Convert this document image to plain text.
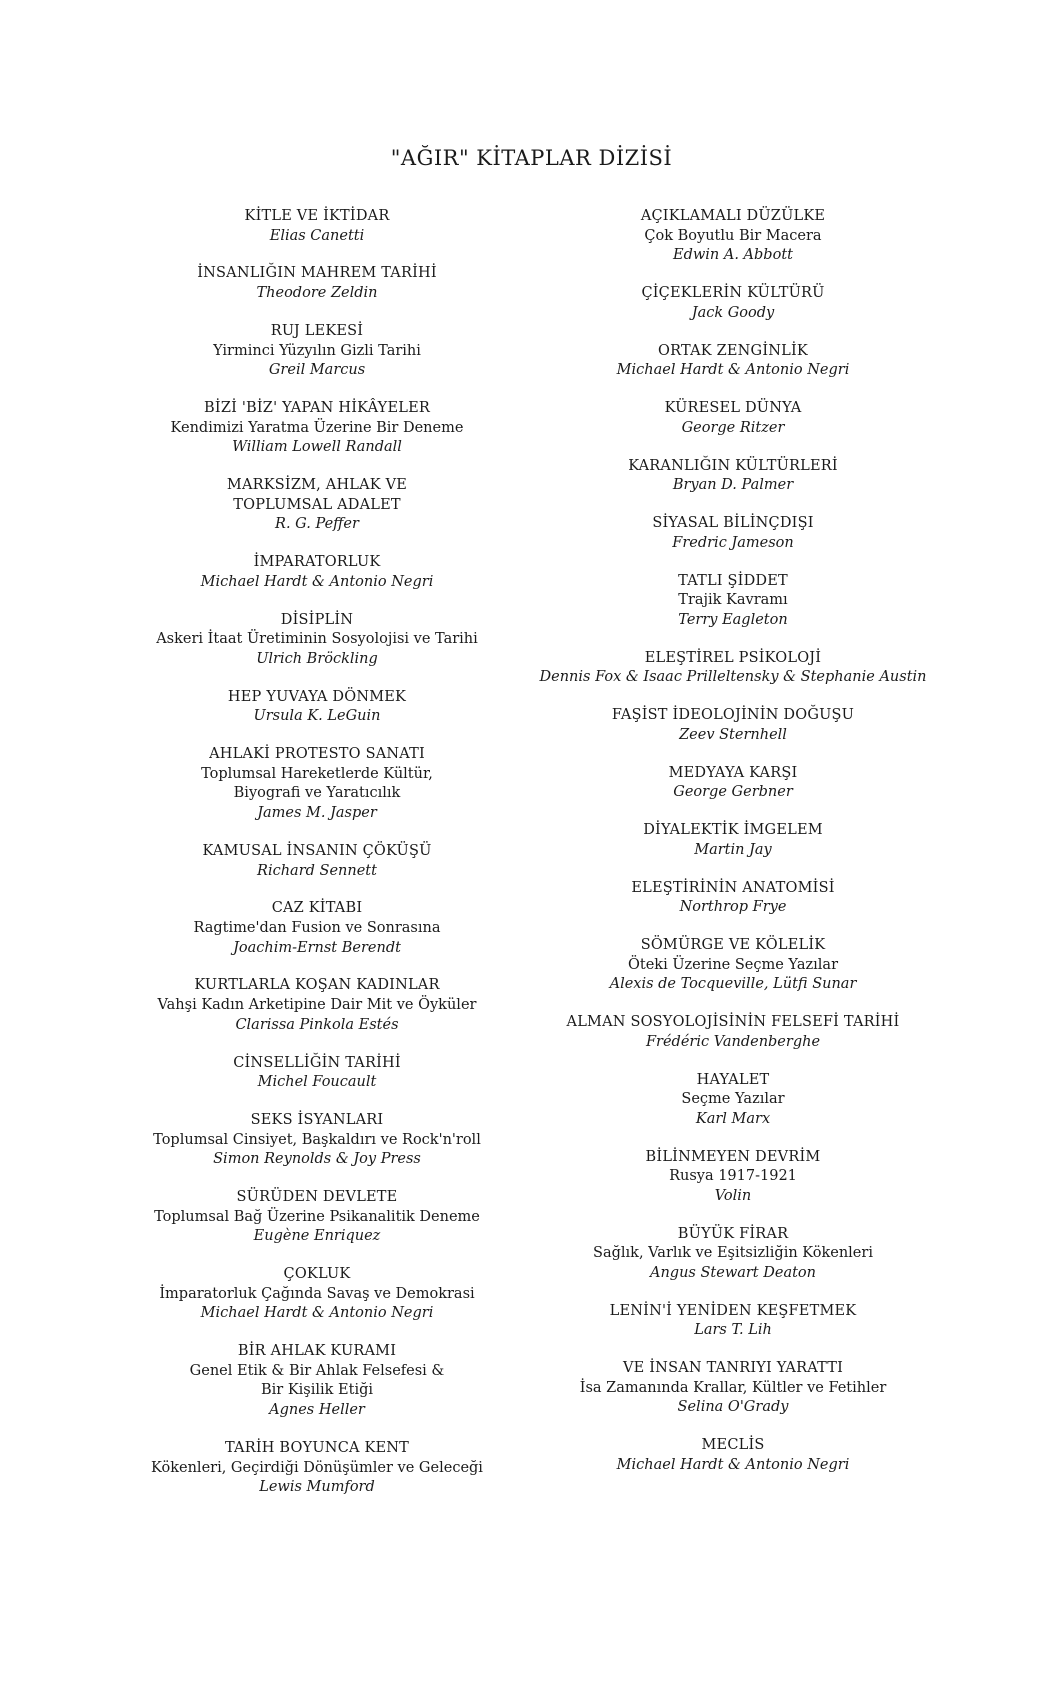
"AĞIR" KİTAPLAR DİZİSİ
KİTLE VE İKTİDAR
Elias Canetti
İNSANLIĞIN MAHREM TARİHİ
Theodore Zeldin
RUJ LEKESİ
Yirminci Yüzyılın Gizli Tarihi
Greil Marcus
BİZİ 'BİZ' YAPAN HİKÂYELER
Kendimizi Yaratma Üzerine Bir Deneme
William Lowell Randall
MARKSİZM, AHLAK VE
TOPLUMSAL ADALET
R. G. Peffer
İMPARATORLUK
Michael Hardt & Antonio Negri
DİSİPLİN
Askeri İtaat Üretiminin Sosyolojisi ve Tarihi
Ulrich Bröckling
HEP YUVAYA DÖNMEK
Ursula K. LeGuin
AHLAKİ PROTESTO SANATI
Toplumsal Hareketlerde Kültür,
Biyografi ve Yaratıcılık
James M. Jasper
KAMUSAL İNSANIN ÇÖKÜŞÜ
Richard Sennett
CAZ KİTABI
Ragtime'dan Fusion ve Sonrasına
Joachim-Ernst Berendt
KURTLARLA KOŞAN KADINLAR
Vahşi Kadın Arketipine Dair Mit ve Öyküler
Clarissa Pinkola Estés
CİNSELLİĞİN TARİHİ
Michel Foucault
SEKS İSYANLARI
Toplumsal Cinsiyet, Başkaldırı ve Rock'n'roll
Simon Reynolds & Joy Press
SÜRÜDEN DEVLETE
Toplumsal Bağ Üzerine Psikanalitik Deneme
Eugène Enriquez
ÇOKLUK
İmparatorluk Çağında Savaş ve Demokrasi
Michael Hardt & Antonio Negri
BİR AHLAK KURAMI
Genel Etik & Bir Ahlak Felsefesi &
Bir Kişilik Etiği
Agnes Heller
TARİH BOYUNCA KENT
Kökenleri, Geçirdiği Dönüşümler ve Geleceği
Lewis Mumford
AÇIKLAMALI DÜZÜLKE
Çok Boyutlu Bir Macera
Edwin A. Abbott
ÇİÇEKLERİN KÜLTÜRÜ
Jack Goody
ORTAK ZENGİNLİK
Michael Hardt & Antonio Negri
KÜRESEL DÜNYA
George Ritzer
KARANLIĞIN KÜLTÜRLERİ
Bryan D. Palmer
SİYASAL BİLİNÇDIŞI
Fredric Jameson
TATLI ŞİDDET
Trajik Kavramı
Terry Eagleton
ELEŞTİREL PSİKOLOJİ
Dennis Fox & Isaac Prilleltensky & Stephanie Austin
FAŞİST İDEOLOJİNİN DOĞUŞU
Zeev Sternhell
MEDYAYA KARŞI
George Gerbner
DİYALEKTİK İMGELEM
Martin Jay
ELEŞTİRİNİN ANATOMİSİ
Northrop Frye
SÖMÜRGE VE KÖLELİK
Öteki Üzerine Seçme Yazılar
Alexis de Tocqueville, Lütfi Sunar
ALMAN SOSYOLOJİSİNİN FELSEFİ TARİHİ
Frédéric Vandenberghe
HAYALET
Seçme Yazılar
Karl Marx
BİLİNMEYEN DEVRİM
Rusya 1917-1921
Volin
BÜYÜK FİRAR
Sağlık, Varlık ve Eşitsizliğin Kökenleri
Angus Stewart Deaton
LENİN'İ YENİDEN KEŞFETMEK
Lars T. Lih
VE İNSAN TANRIYI YARATTI
İsa Zamanında Krallar, Kültler ve Fetihler
Selina O'Grady
MECLİS
Michael Hardt & Antonio Negri
